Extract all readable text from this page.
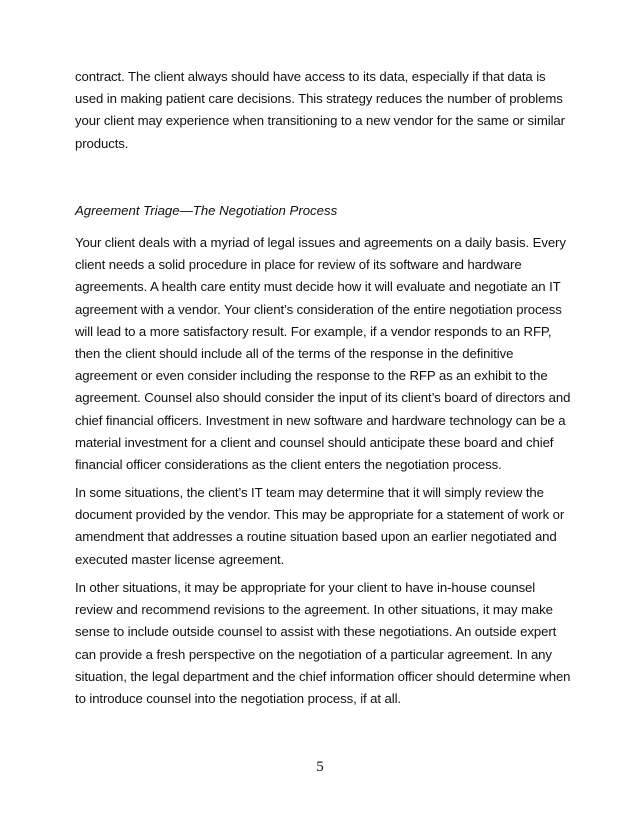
contract. The client always should have access to its data, especially if that data is used in making patient care decisions. This strategy reduces the number of problems your client may experience when transitioning to a new vendor for the same or similar products.

Agreement Triage—The Negotiation Process

Your client deals with a myriad of legal issues and agreements on a daily basis. Every client needs a solid procedure in place for review of its software and hardware agreements. A health care entity must decide how it will evaluate and negotiate an IT agreement with a vendor. Your client’s consideration of the entire negotiation process will lead to a more satisfactory result. For example, if a vendor responds to an RFP, then the client should include all of the terms of the response in the definitive agreement or even consider including the response to the RFP as an exhibit to the agreement. Counsel also should consider the input of its client’s board of directors and chief financial officers. Investment in new software and hardware technology can be a material investment for a client and counsel should anticipate these board and chief financial officer considerations as the client enters the negotiation process.

In some situations, the client’s IT team may determine that it will simply review the document provided by the vendor. This may be appropriate for a statement of work or amendment that addresses a routine situation based upon an earlier negotiated and executed master license agreement.

In other situations, it may be appropriate for your client to have in-house counsel review and recommend revisions to the agreement. In other situations, it may make sense to include outside counsel to assist with these negotiations. An outside expert can provide a fresh perspective on the negotiation of a particular agreement. In any situation, the legal department and the chief information officer should determine when to introduce counsel into the negotiation process, if at all.

5
